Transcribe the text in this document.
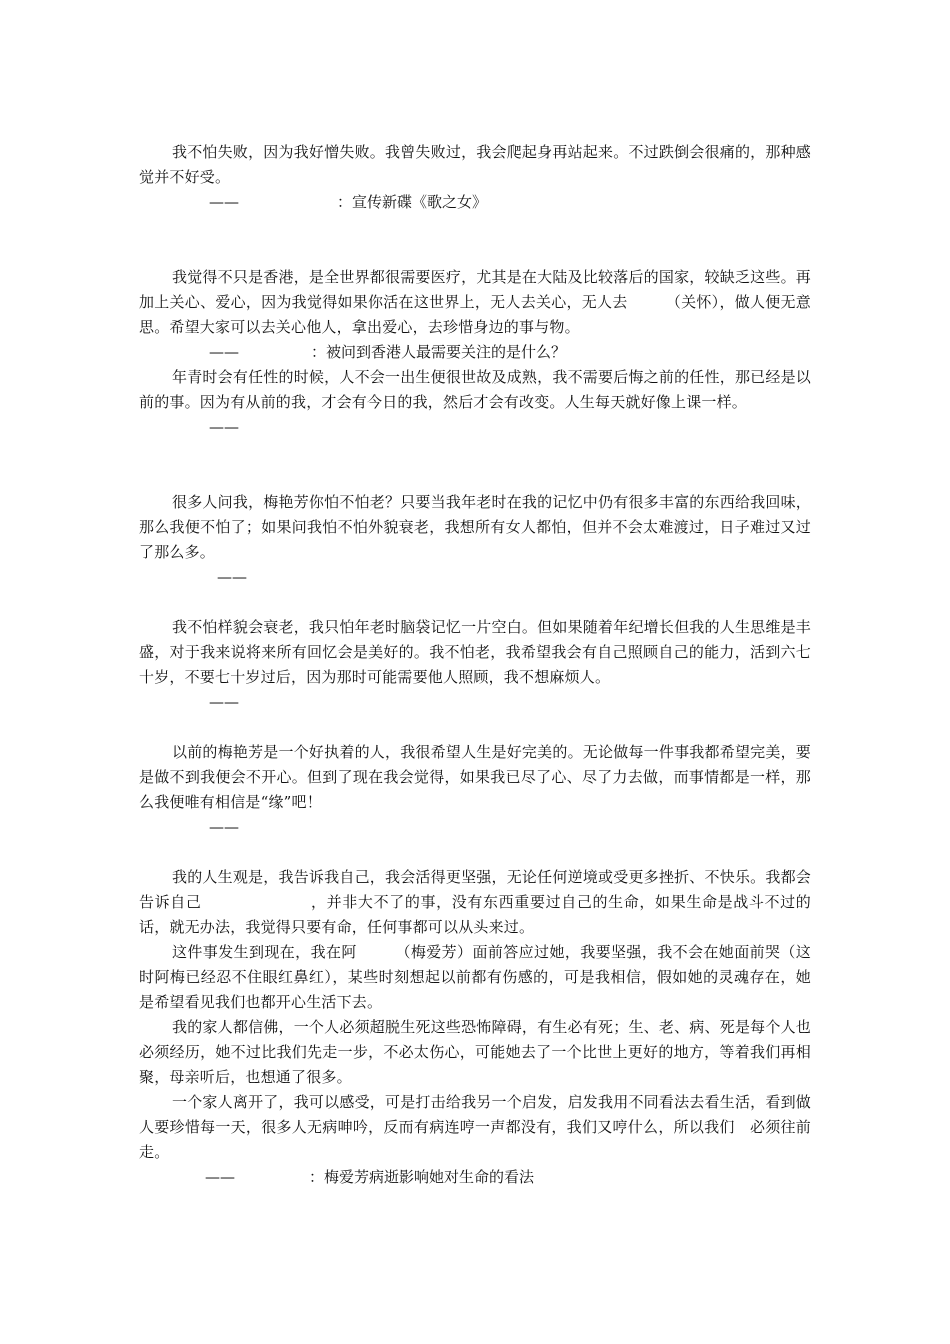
我不怕失败，因为我好憎失败。我曾失败过，我会爬起身再站起来。不过跌倒会很痛的，那种感觉并不好受。

——	：宣传新碟《歌之女》

我觉得不只是香港，是全世界都很需要医疗，尤其是在大陆及比较落后的国家，较缺乏这些。再加上关心、爱心，因为我觉得如果你活在这世界上，无人去关心，无人去　　　（关怀），做人便无意思。希望大家可以去关心他人，拿出爱心，去珍惜身边的事与物。

——	：被问到香港人最需要关注的是什么？

年青时会有任性的时候，人不会一出生便很世故及成熟，我不需要后悔之前的任性，那已经是以前的事。因为有从前的我，才会有今日的我，然后才会有改变。人生每天就好像上课一样。

——

很多人问我，梅艳芳你怕不怕老？只要当我年老时在我的记忆中仍有很多丰富的东西给我回味，那么我便不怕了；如果问我怕不怕外貌衰老，我想所有女人都怕，但并不会太难渡过，日子难过又过了那么多。

——

我不怕样貌会衰老，我只怕年老时脑袋记忆一片空白。但如果随着年纪增长但我的人生思维是丰盛，对于我来说将来所有回忆会是美好的。我不怕老，我希望我会有自己照顾自己的能力，活到六七十岁，不要七十岁过后，因为那时可能需要他人照顾，我不想麻烦人。

——

以前的梅艳芳是一个好执着的人，我很希望人生是好完美的。无论做每一件事我都希望完美，要是做不到我便会不开心。但到了现在我会觉得，如果我已尽了心、尽了力去做，而事情都是一样，那么我便唯有相信是“缘”吧！

——

我的人生观是，我告诉我自己，我会活得更坚强，无论任何逆境或受更多挫折、不快乐。我都会告诉自己　　　　　　　，并非大不了的事，没有东西重要过自己的生命，如果生命是战斗不过的话，就无办法，我觉得只要有命，任何事都可以从头来过。

这件事发生到现在，我在阿　　　（梅爱芳）面前答应过她，我要坚强，我不会在她面前哭（这时阿梅已经忍不住眼红鼻红），某些时刻想起以前都有伤感的，可是我相信，假如她的灵魂存在，她是希望看见我们也都开心生活下去。

我的家人都信佛，一个人必须超脱生死这些恐怖障碍，有生必有死；生、老、病、死是每个人也必须经历，她不过比我们先走一步，不必太伤心，可能她去了一个比世上更好的地方，等着我们再相聚，母亲听后，也想通了很多。

一个家人离开了，我可以感受，可是打击给我另一个启发，启发我用不同看法去看生活，看到做人要珍惜每一天，很多人无病呻吟，反而有病连哼一声都没有，我们又哼什么，所以我们　必须往前走。

——	：梅爱芳病逝影响她对生命的看法
